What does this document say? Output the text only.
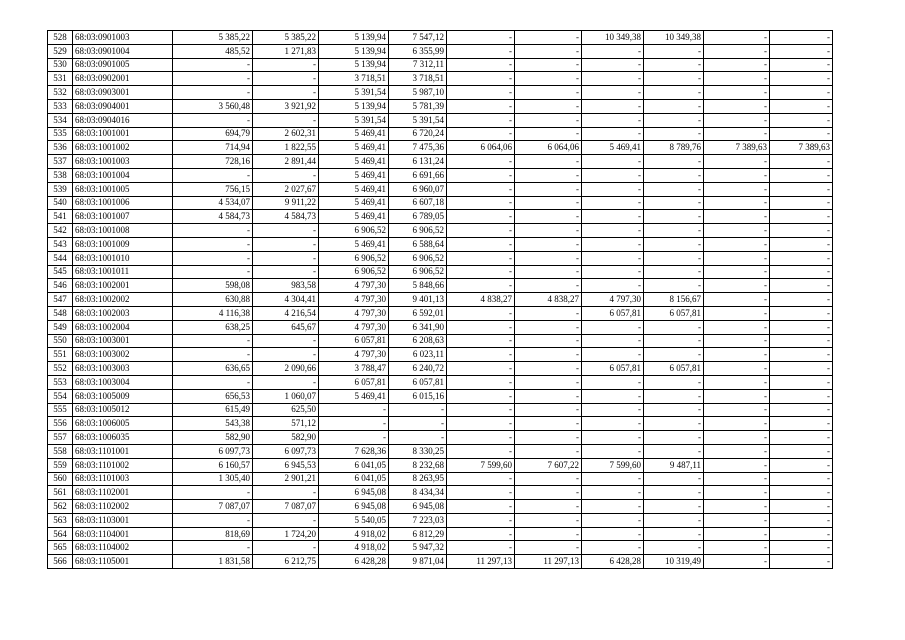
528	68:03:0901003	5 385,22	5 385,22	5 139,94	7 547,12	-	-	10 349,38	10 349,38	-	-
529	68:03:0901004	485,52	1 271,83	5 139,94	6 355,99	-	-	-	-	-	-
530	68:03:0901005	-	-	5 139,94	7 312,11	-	-	-	-	-	-
531	68:03:0902001	-	-	3 718,51	3 718,51	-	-	-	-	-	-
532	68:03:0903001	-	-	5 391,54	5 987,10	-	-	-	-	-	-
533	68:03:0904001	3 560,48	3 921,92	5 139,94	5 781,39	-	-	-	-	-	-
534	68:03:0904016	-	-	5 391,54	5 391,54	-	-	-	-	-	-
535	68:03:1001001	694,79	2 602,31	5 469,41	6 720,24	-	-	-	-	-	-
536	68:03:1001002	714,94	1 822,55	5 469,41	7 475,36	6 064,06	6 064,06	5 469,41	8 789,76	7 389,63	7 389,63
537	68:03:1001003	728,16	2 891,44	5 469,41	6 131,24	-	-	-	-	-	-
538	68:03:1001004	-	-	5 469,41	6 691,66	-	-	-	-	-	-
539	68:03:1001005	756,15	2 027,67	5 469,41	6 960,07	-	-	-	-	-	-
540	68:03:1001006	4 534,07	9 911,22	5 469,41	6 607,18	-	-	-	-	-	-
541	68:03:1001007	4 584,73	4 584,73	5 469,41	6 789,05	-	-	-	-	-	-
542	68:03:1001008	-	-	6 906,52	6 906,52	-	-	-	-	-	-
543	68:03:1001009	-	-	5 469,41	6 588,64	-	-	-	-	-	-
544	68:03:1001010	-	-	6 906,52	6 906,52	-	-	-	-	-	-
545	68:03:1001011	-	-	6 906,52	6 906,52	-	-	-	-	-	-
546	68:03:1002001	598,08	983,58	4 797,30	5 848,66	-	-	-	-	-	-
547	68:03:1002002	630,88	4 304,41	4 797,30	9 401,13	4 838,27	4 838,27	4 797,30	8 156,67	-	-
548	68:03:1002003	4 116,38	4 216,54	4 797,30	6 592,01	-	-	6 057,81	6 057,81	-	-
549	68:03:1002004	638,25	645,67	4 797,30	6 341,90	-	-	-	-	-	-
550	68:03:1003001	-	-	6 057,81	6 208,63	-	-	-	-	-	-
551	68:03:1003002	-	-	4 797,30	6 023,11	-	-	-	-	-	-
552	68:03:1003003	636,65	2 090,66	3 788,47	6 240,72	-	-	6 057,81	6 057,81	-	-
553	68:03:1003004	-	-	6 057,81	6 057,81	-	-	-	-	-	-
554	68:03:1005009	656,53	1 060,07	5 469,41	6 015,16	-	-	-	-	-	-
555	68:03:1005012	615,49	625,50	-	-	-	-	-	-	-	-
556	68:03:1006005	543,38	571,12	-	-	-	-	-	-	-	-
557	68:03:1006035	582,90	582,90	-	-	-	-	-	-	-	-
558	68:03:1101001	6 097,73	6 097,73	7 628,36	8 330,25	-	-	-	-	-	-
559	68:03:1101002	6 160,57	6 945,53	6 041,05	8 232,68	7 599,60	7 607,22	7 599,60	9 487,11	-	-
560	68:03:1101003	1 305,40	2 901,21	6 041,05	8 263,95	-	-	-	-	-	-
561	68:03:1102001	-	-	6 945,08	8 434,34	-	-	-	-	-	-
562	68:03:1102002	7 087,07	7 087,07	6 945,08	6 945,08	-	-	-	-	-	-
563	68:03:1103001	-	-	5 540,05	7 223,03	-	-	-	-	-	-
564	68:03:1104001	818,69	1 724,20	4 918,02	6 812,29	-	-	-	-	-	-
565	68:03:1104002	-	-	4 918,02	5 947,32	-	-	-	-	-	-
566	68:03:1105001	1 831,58	6 212,75	6 428,28	9 871,04	11 297,13	11 297,13	6 428,28	10 319,49	-	-
